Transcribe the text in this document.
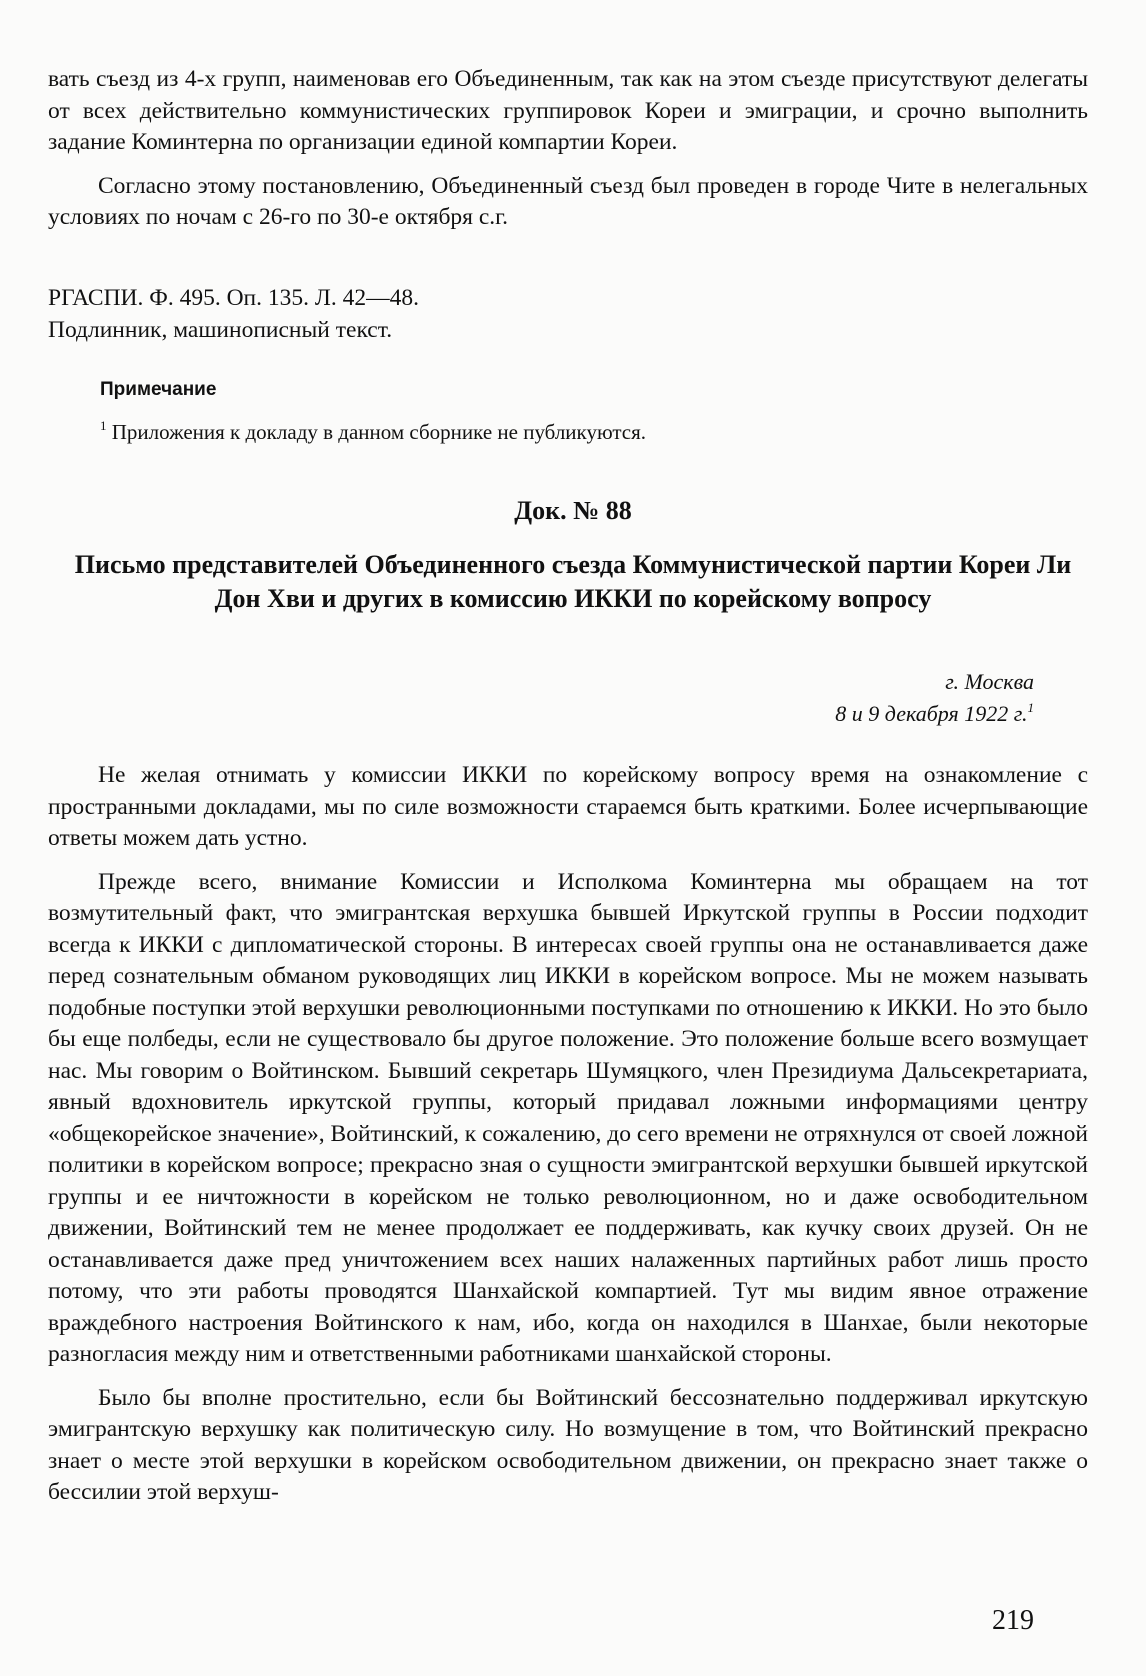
вать съезд из 4-х групп, наименовав его Объединенным, так как на этом съезде присутствуют делегаты от всех действительно коммунистических группировок Кореи и эмиграции, и срочно выполнить задание Коминтерна по организации единой компартии Кореи.

Согласно этому постановлению, Объединенный съезд был проведен в городе Чите в нелегальных условиях по ночам с 26-го по 30-е октября с.г.

РГАСПИ. Ф. 495. Оп. 135. Л. 42—48.
Подлинник, машинописный текст.
Примечание
$^1$ Приложения к докладу в данном сборнике не публикуются.
Док. № 88
Письмо представителей Объединенного съезда Коммунистической партии Кореи Ли Дон Хви и других в комиссию ИККИ по корейскому вопросу
г. Москва
8 и 9 декабря 1922 г.$^1$

Не желая отнимать у комиссии ИККИ по корейскому вопросу время на ознакомление с пространными докладами, мы по силе возможности стараемся быть краткими. Более исчерпывающие ответы можем дать устно.

Прежде всего, внимание Комиссии и Исполкома Коминтерна мы обращаем на тот возмутительный факт, что эмигрантская верхушка бывшей Иркутской группы в России подходит всегда к ИККИ с дипломатической стороны. В интересах своей группы она не останавливается даже перед сознательным обманом руководящих лиц ИККИ в корейском вопросе. Мы не можем называть подобные поступки этой верхушки революционными поступками по отношению к ИККИ. Но это было бы еще полбеды, если не существовало бы другое положение. Это положение больше всего возмущает нас. Мы говорим о Войтинском. Бывший секретарь Шумяцкого, член Президиума Дальсекретариата, явный вдохновитель иркутской группы, который придавал ложными информациями центру «общекорейское значение», Войтинский, к сожалению, до сего времени не отряхнулся от своей ложной политики в корейском вопросе; прекрасно зная о сущности эмигрантской верхушки бывшей иркутской группы и ее ничтожности в корейском не только революционном, но и даже освободительном движении, Войтинский тем не менее продолжает ее поддерживать, как кучку своих друзей. Он не останавливается даже пред уничтожением всех наших налаженных партийных работ лишь просто потому, что эти работы проводятся Шанхайской компартией. Тут мы видим явное отражение враждебного настроения Войтинского к нам, ибо, когда он находился в Шанхае, были некоторые разногласия между ним и ответственными работниками шанхайской стороны.

Было бы вполне простительно, если бы Войтинский бессознательно поддерживал иркутскую эмигрантскую верхушку как политическую силу. Но возмущение в том, что Войтинский прекрасно знает о месте этой верхушки в корейском освободительном движении, он прекрасно знает также о бессилии этой верхуш-

219
